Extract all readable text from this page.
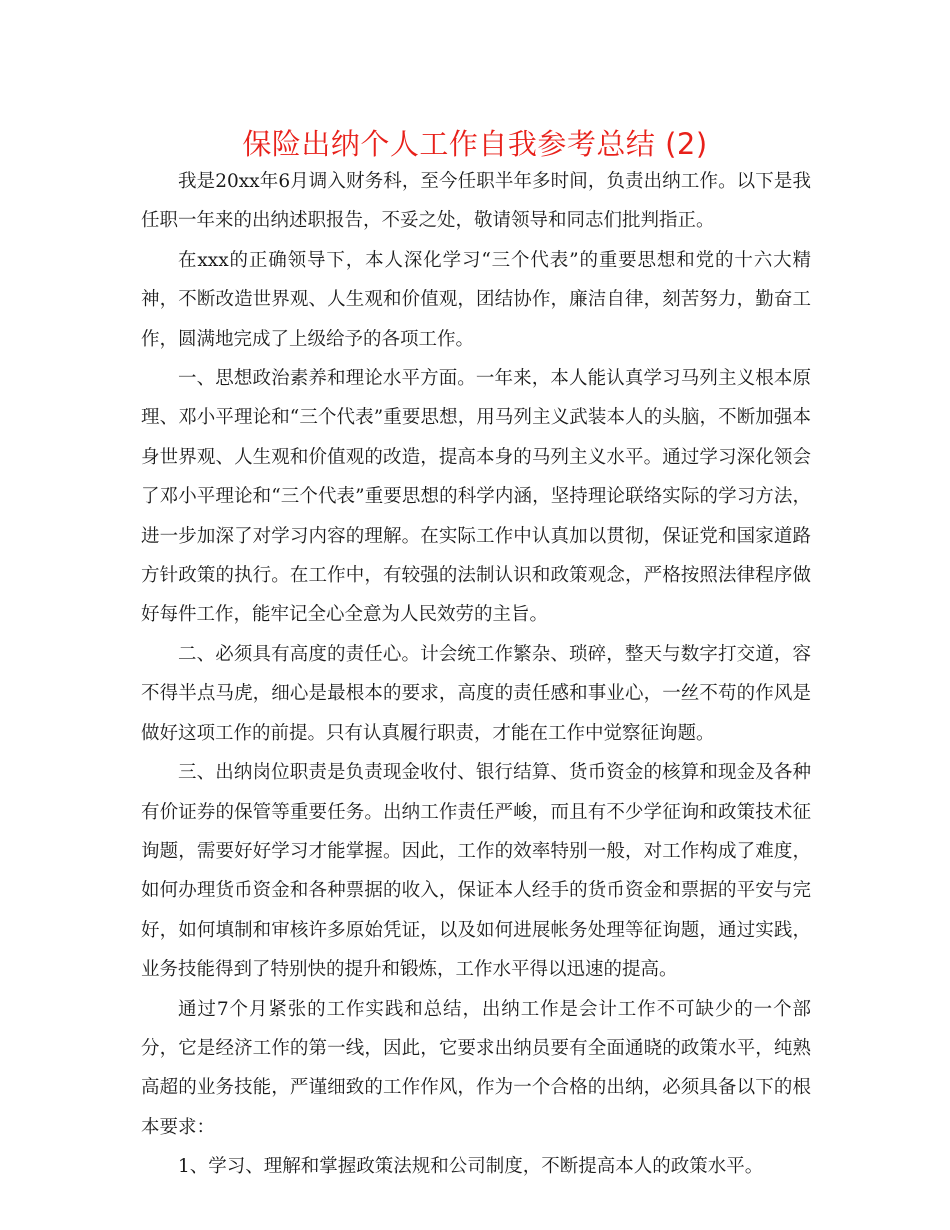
保险出纳个人工作自我参考总结 (2)

我是20xx年6月调入财务科，至今任职半年多时间，负责出纳工作。以下是我任职一年来的出纳述职报告，不妥之处，敬请领导和同志们批判指正。

在xxx的正确领导下，本人深化学习“三个代表”的重要思想和党的十六大精神，不断改造世界观、人生观和价值观，团结协作，廉洁自律，刻苦努力，勤奋工作，圆满地完成了上级给予的各项工作。

一、思想政治素养和理论水平方面。一年来，本人能认真学习马列主义根本原理、邓小平理论和“三个代表”重要思想，用马列主义武装本人的头脑，不断加强本身世界观、人生观和价值观的改造，提高本身的马列主义水平。通过学习深化领会了邓小平理论和“三个代表”重要思想的科学内涵，坚持理论联络实际的学习方法，进一步加深了对学习内容的理解。在实际工作中认真加以贯彻，保证党和国家道路方针政策的执行。在工作中，有较强的法制认识和政策观念，严格按照法律程序做好每件工作，能牢记全心全意为人民效劳的主旨。

二、必须具有高度的责任心。计会统工作繁杂、琐碎，整天与数字打交道，容不得半点马虎，细心是最根本的要求，高度的责任感和事业心，一丝不苟的作风是做好这项工作的前提。只有认真履行职责，才能在工作中觉察征询题。

三、出纳岗位职责是负责现金收付、银行结算、货币资金的核算和现金及各种有价证券的保管等重要任务。出纳工作责任严峻，而且有不少学征询和政策技术征询题，需要好好学习才能掌握。因此，工作的效率特别一般，对工作构成了难度，如何办理货币资金和各种票据的收入，保证本人经手的货币资金和票据的平安与完好，如何填制和审核许多原始凭证，以及如何进展帐务处理等征询题，通过实践，业务技能得到了特别快的提升和锻炼，工作水平得以迅速的提高。

通过7个月紧张的工作实践和总结，出纳工作是会计工作不可缺少的一个部分，它是经济工作的第一线，因此，它要求出纳员要有全面通晓的政策水平，纯熟高超的业务技能，严谨细致的工作作风，作为一个合格的出纳，必须具备以下的根本要求：

1、学习、理解和掌握政策法规和公司制度，不断提高本人的政策水平。
